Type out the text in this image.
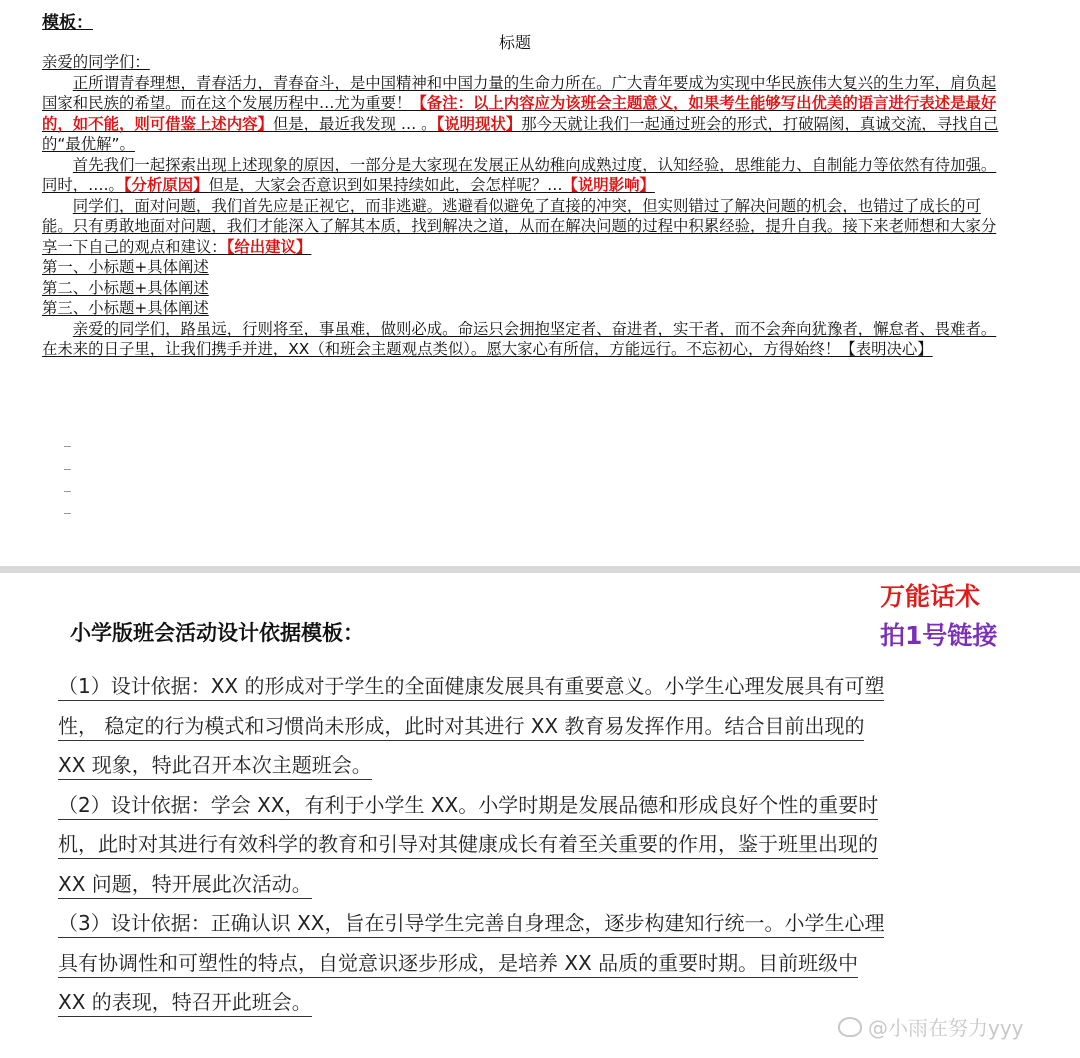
模板：
标题

亲爱的同学们：

正所谓青春理想，青春活力，青春奋斗，是中国精神和中国力量的生命力所在。广大青年要成为实现中华民族伟大复兴的生力军，肩负起国家和民族的希望。而在这个发展历程中…尤为重要！【备注：以上内容应为该班会主题意义，如果考生能够写出优美的语言进行表述是最好的，如不能，则可借鉴上述内容】但是，最近我发现 … 。【说明现状】那今天就让我们一起通过班会的形式，打破隔阂，真诚交流，寻找自己的“最优解”。

首先我们一起探索出现上述现象的原因，一部分是大家现在发展正从幼稚向成熟过度，认知经验，思维能力、自制能力等依然有待加强。同时，….。【分析原因】但是，大家会否意识到如果持续如此，会怎样呢？…【说明影响】

同学们，面对问题，我们首先应是正视它，而非逃避。逃避看似避免了直接的冲突，但实则错过了解决问题的机会，也错过了成长的可能。只有勇敢地面对问题，我们才能深入了解其本质，找到解决之道，从而在解决问题的过程中积累经验，提升自我。接下来老师想和大家分享一下自己的观点和建议：【给出建议】

第一、小标题+具体阐述

第二、小标题+具体阐述

第三、小标题+具体阐述

亲爱的同学们，路虽远，行则将至，事虽难，做则必成。命运只会拥抱坚定者、奋进者，实干者，而不会奔向犹豫者，懈怠者、畏难者。在未来的日子里，让我们携手并进，XX（和班会主题观点类似）。愿大家心有所信，方能远行。不忘初心，方得始终！【表明决心】

万能话术
拍1号链接
小学版班会活动设计依据模板：

（1）设计依据：XX 的形成对于学生的全面健康发展具有重要意义。小学生心理发展具有可塑

性， 稳定的行为模式和习惯尚未形成，此时对其进行 XX 教育易发挥作用。结合目前出现的

XX 现象，特此召开本次主题班会。

（2）设计依据：学会 XX，有利于小学生 XX。小学时期是发展品德和形成良好个性的重要时

机，此时对其进行有效科学的教育和引导对其健康成长有着至关重要的作用，鉴于班里出现的

XX 问题，特开展此次活动。

（3）设计依据：正确认识 XX，旨在引导学生完善自身理念，逐步构建知行统一。小学生心理

具有协调性和可塑性的特点，自觉意识逐步形成，是培养 XX 品质的重要时期。目前班级中

XX 的表现，特召开此班会。

@小雨在努力yyy
